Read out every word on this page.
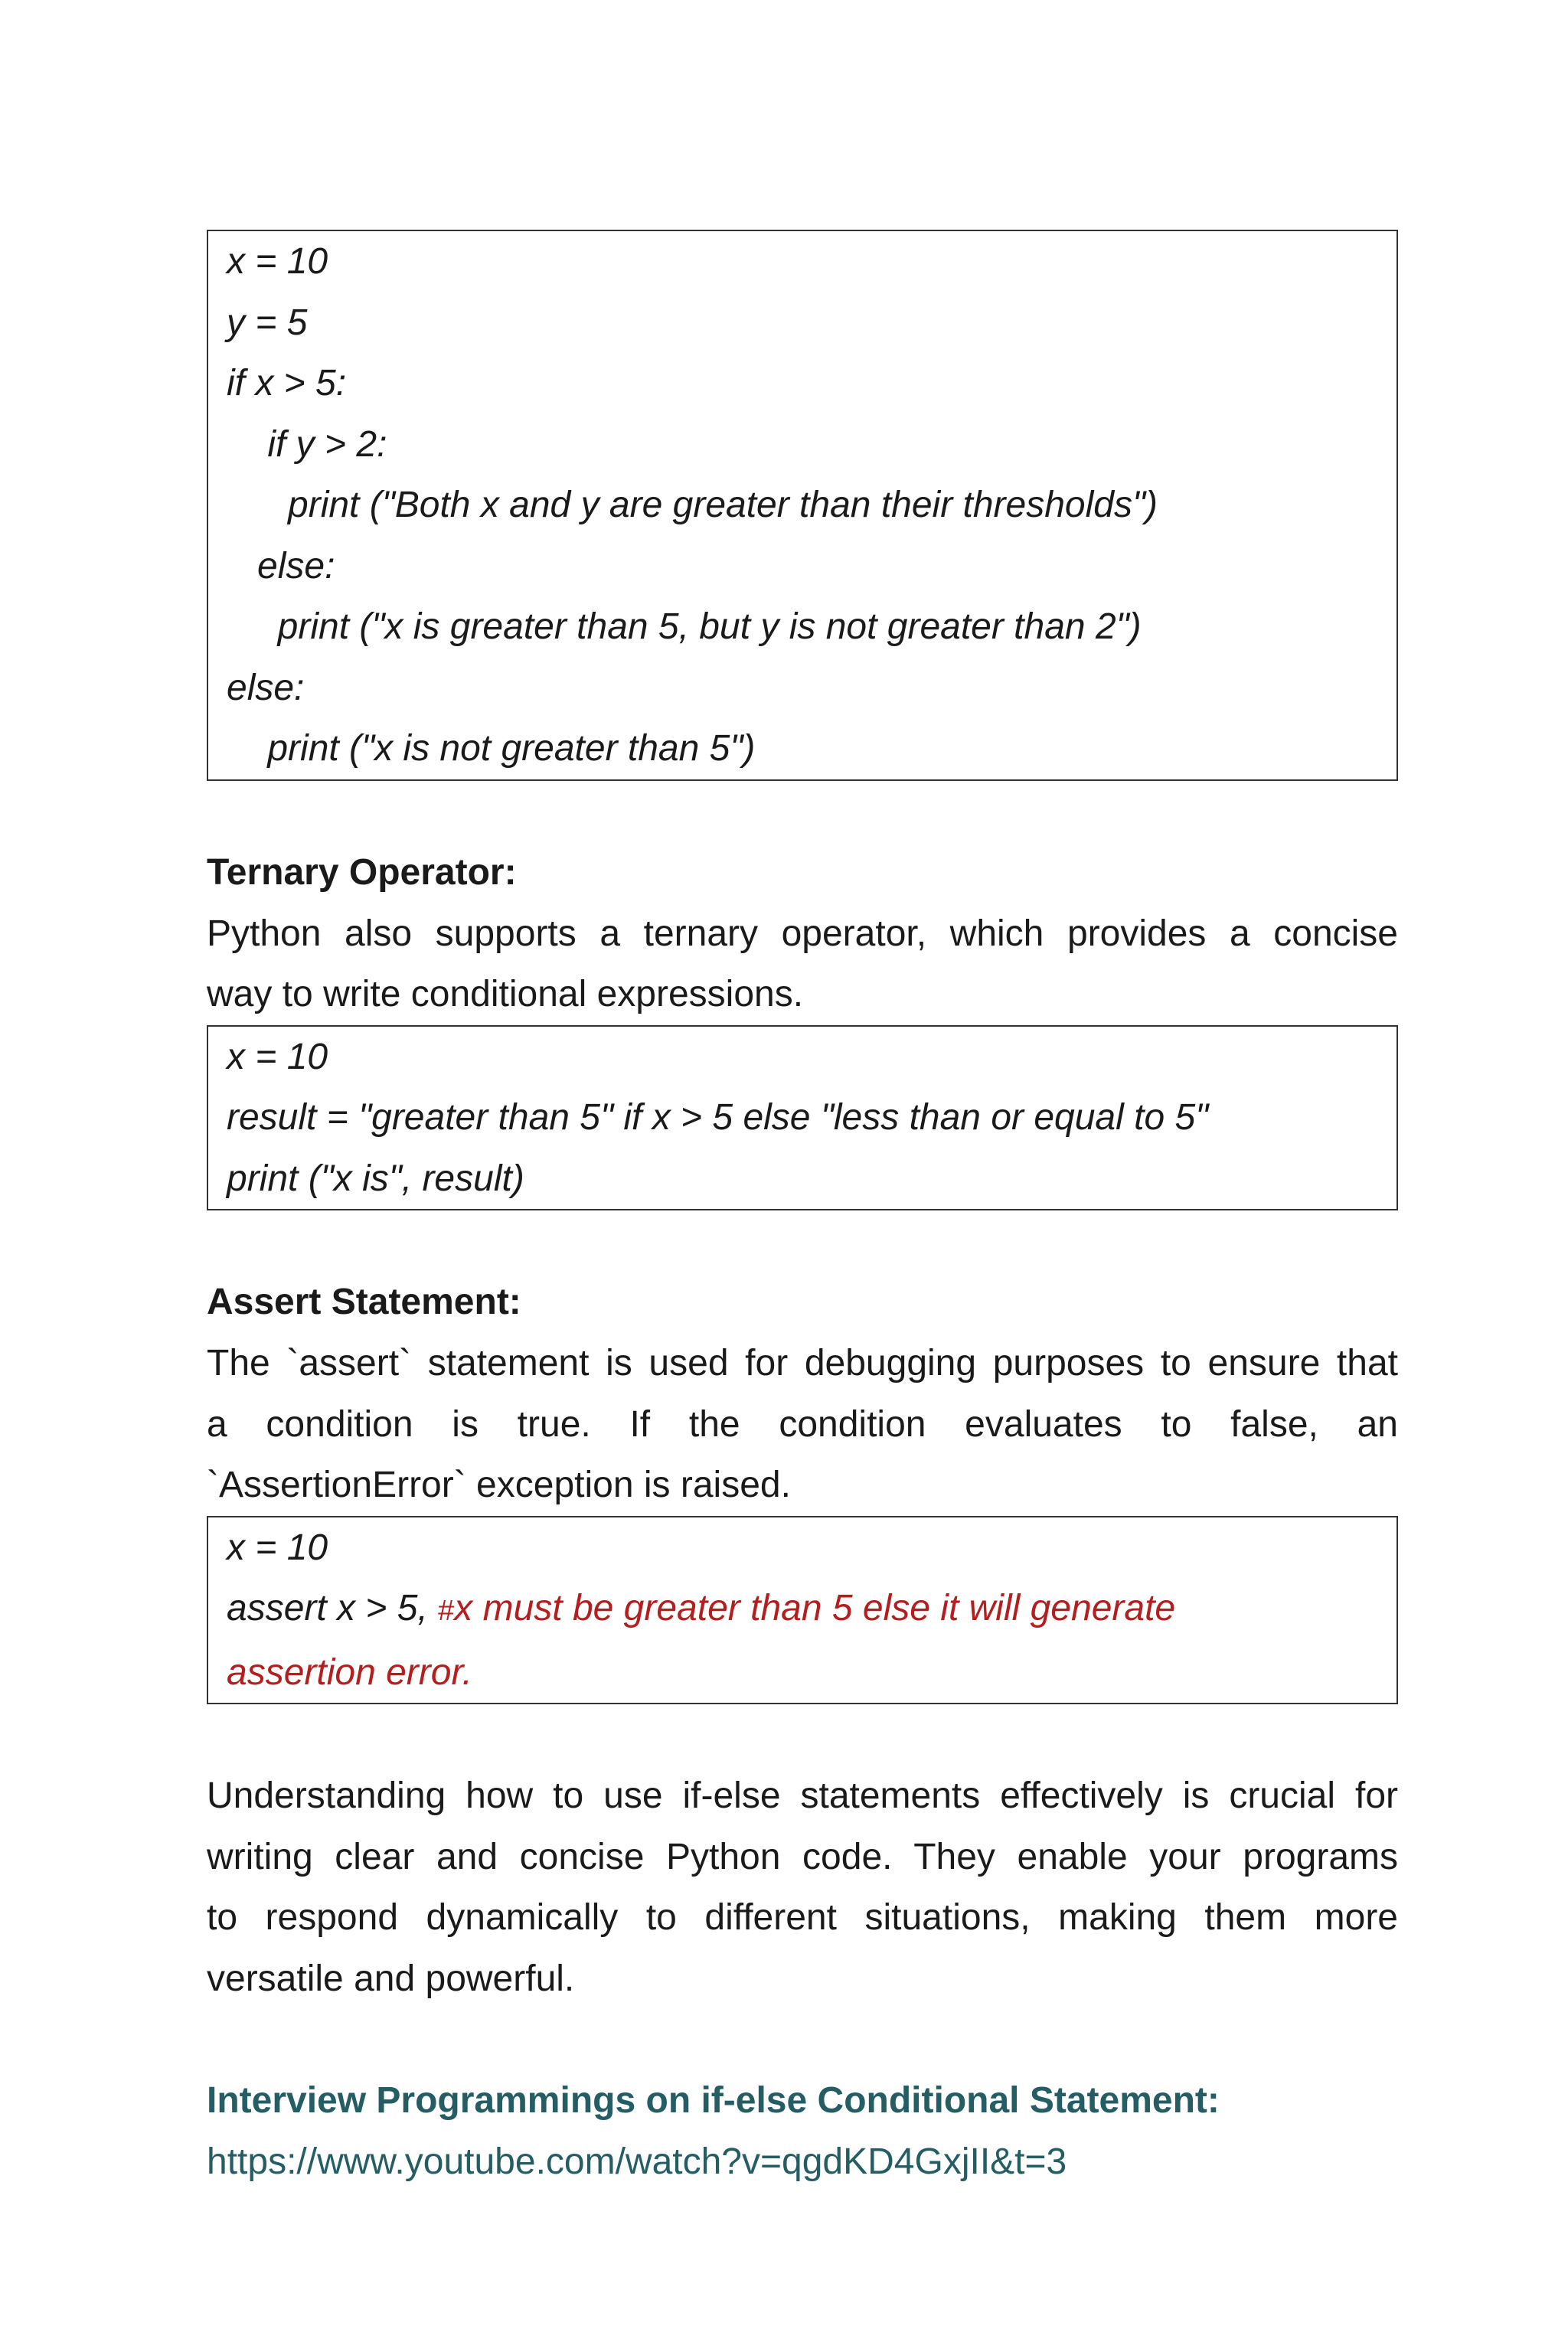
x = 10
y = 5
if x > 5:
if y > 2:
print ("Both x and y are greater than their thresholds")
else:
print ("x is greater than 5, but y is not greater than 2")
else:
print ("x is not greater than 5")

Ternary Operator:

Python also supports a ternary operator, which provides a concise

way to write conditional expressions.

x = 10
result = "greater than 5" if x > 5 else "less than or equal to 5"
print ("x is", result)

Assert Statement:

The `assert` statement is used for debugging purposes to ensure that

a condition is true. If the condition evaluates to false, an

`AssertionError` exception is raised.

x = 10
assert x > 5, #x must be greater than 5 else it will generate
assertion error.

Understanding how to use if-else statements effectively is crucial for

writing clear and concise Python code. They enable your programs

to respond dynamically to different situations, making them more

versatile and powerful.

Interview Programmings on if-else Conditional Statement:

https://www.youtube.com/watch?v=qgdKD4GxjII&t=3
